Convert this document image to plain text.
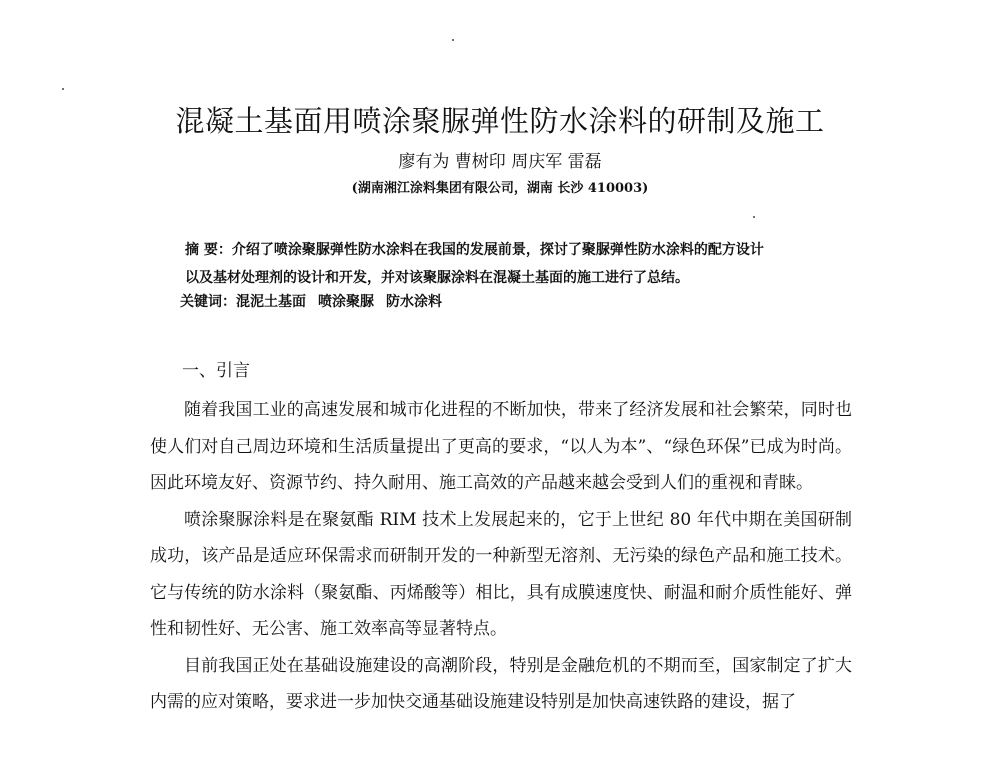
混凝土基面用喷涂聚脲弹性防水涂料的研制及施工
廖有为 曹树印 周庆军 雷磊
(湖南湘江涂料集团有限公司，湖南 长沙 410003)
摘 要：介绍了喷涂聚脲弹性防水涂料在我国的发展前景，探讨了聚脲弹性防水涂料的配方设计
以及基材处理剂的设计和开发，并对该聚脲涂料在混凝土基面的施工进行了总结。
关键词：混泥土基面 喷涂聚脲 防水涂料
一、引言

随着我国工业的高速发展和城市化进程的不断加快，带来了经济发展和社会繁荣，同时也使人们对自己周边环境和生活质量提出了更高的要求，“以人为本”、“绿色环保”已成为时尚。因此环境友好、资源节约、持久耐用、施工高效的产品越来越会受到人们的重视和青睐。

喷涂聚脲涂料是在聚氨酯 RIM 技术上发展起来的，它于上世纪 80 年代中期在美国研制成功，该产品是适应环保需求而研制开发的一种新型无溶剂、无污染的绿色产品和施工技术。它与传统的防水涂料（聚氨酯、丙烯酸等）相比，具有成膜速度快、耐温和耐介质性能好、弹性和韧性好、无公害、施工效率高等显著特点。

目前我国正处在基础设施建设的高潮阶段，特别是金融危机的不期而至，国家制定了扩大内需的应对策略，要求进一步加快交通基础设施建设特别是加快高速铁路的建设，据了
